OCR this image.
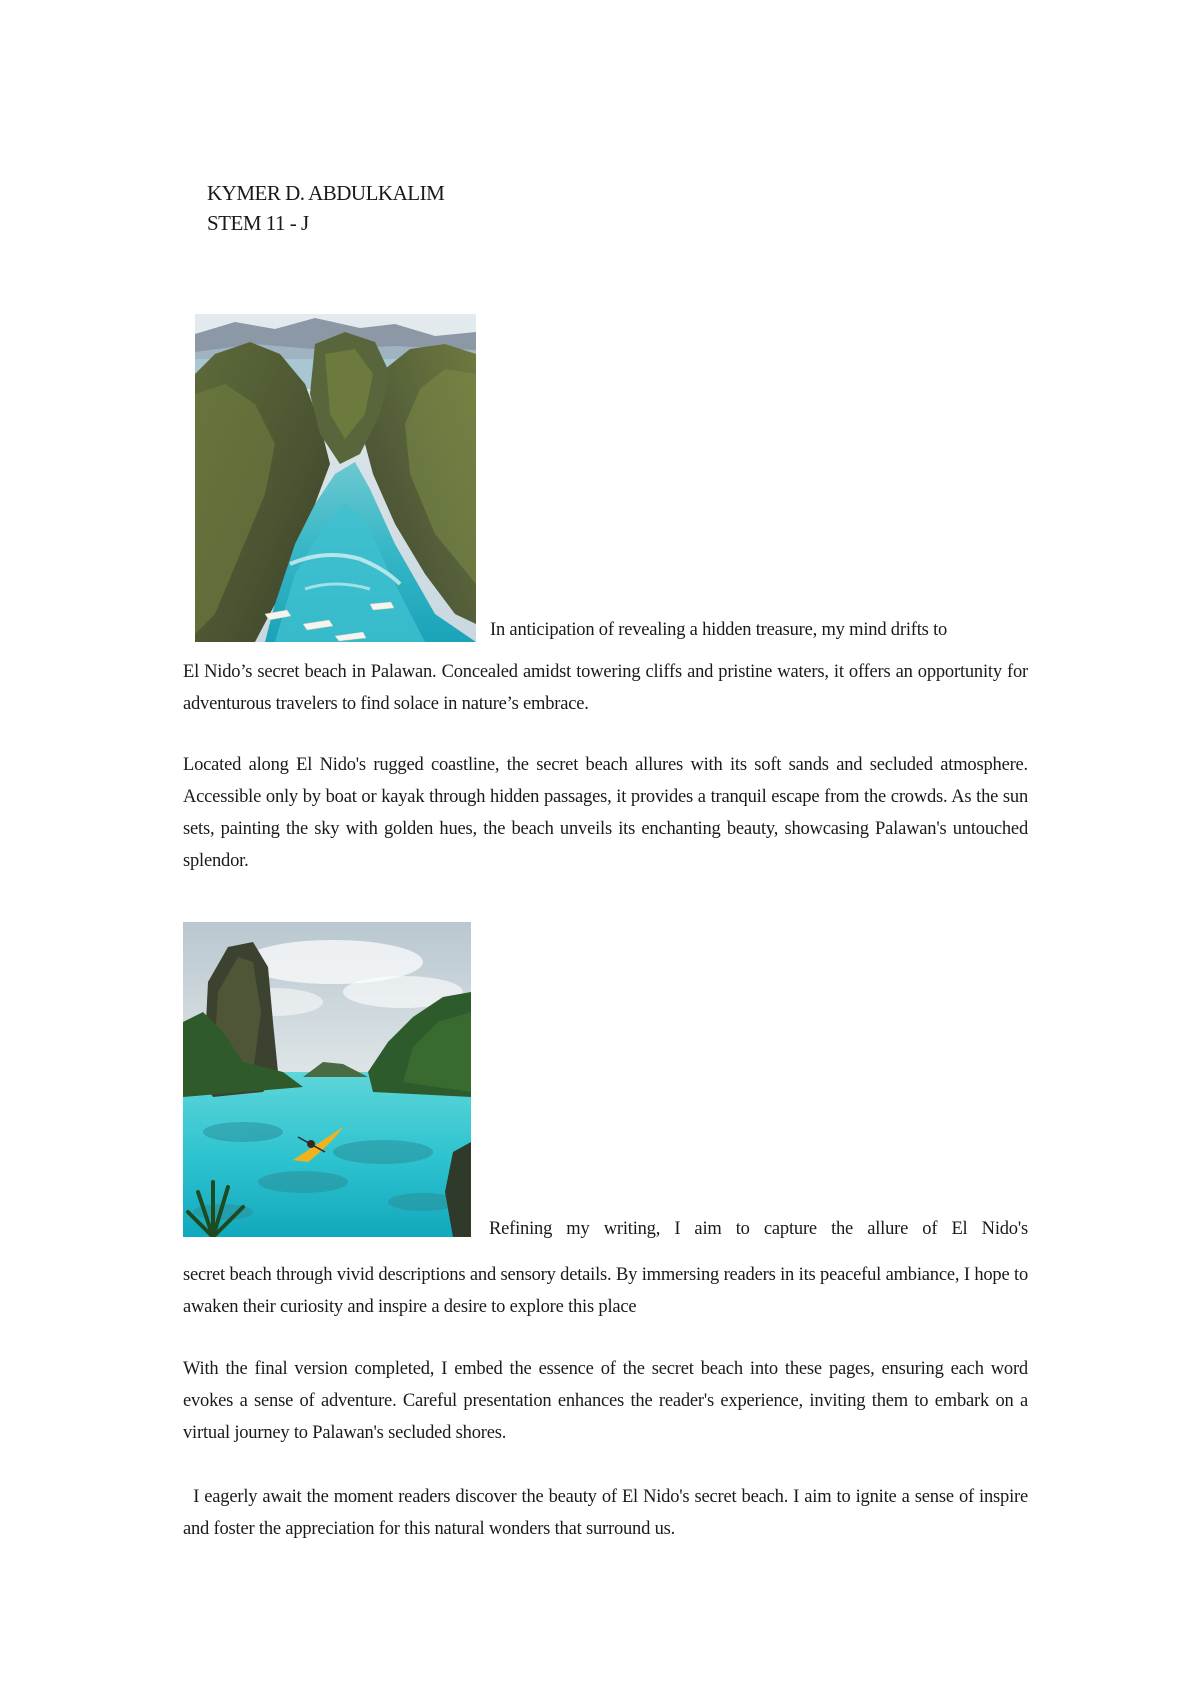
KYMER D. ABDULKALIM
STEM 11 - J
In anticipation of revealing a hidden treasure, my mind drifts to
El Nido’s secret beach in Palawan. Concealed amidst towering cliffs and pristine waters, it offers an opportunity for adventurous travelers to find solace in nature’s embrace.
Located along El Nido's rugged coastline, the secret beach allures with its soft sands and secluded atmosphere. Accessible only by boat or kayak through hidden passages, it provides a tranquil escape from the crowds. As the sun sets, painting the sky with golden hues, the beach unveils its enchanting beauty, showcasing Palawan's untouched splendor.
Refining my writing, I aim to capture the allure of El Nido's
secret beach through vivid descriptions and sensory details. By immersing readers in its peaceful ambiance, I hope to awaken their curiosity and inspire a desire to explore this place
With the final version completed, I embed the essence of the secret beach into these pages, ensuring each word evokes a sense of adventure. Careful presentation enhances the reader's experience, inviting them to embark on a virtual journey to Palawan's secluded shores.
I eagerly await the moment readers discover the beauty of El Nido's secret beach. I aim to ignite a sense of inspire and foster the appreciation for this natural wonders that surround us.
